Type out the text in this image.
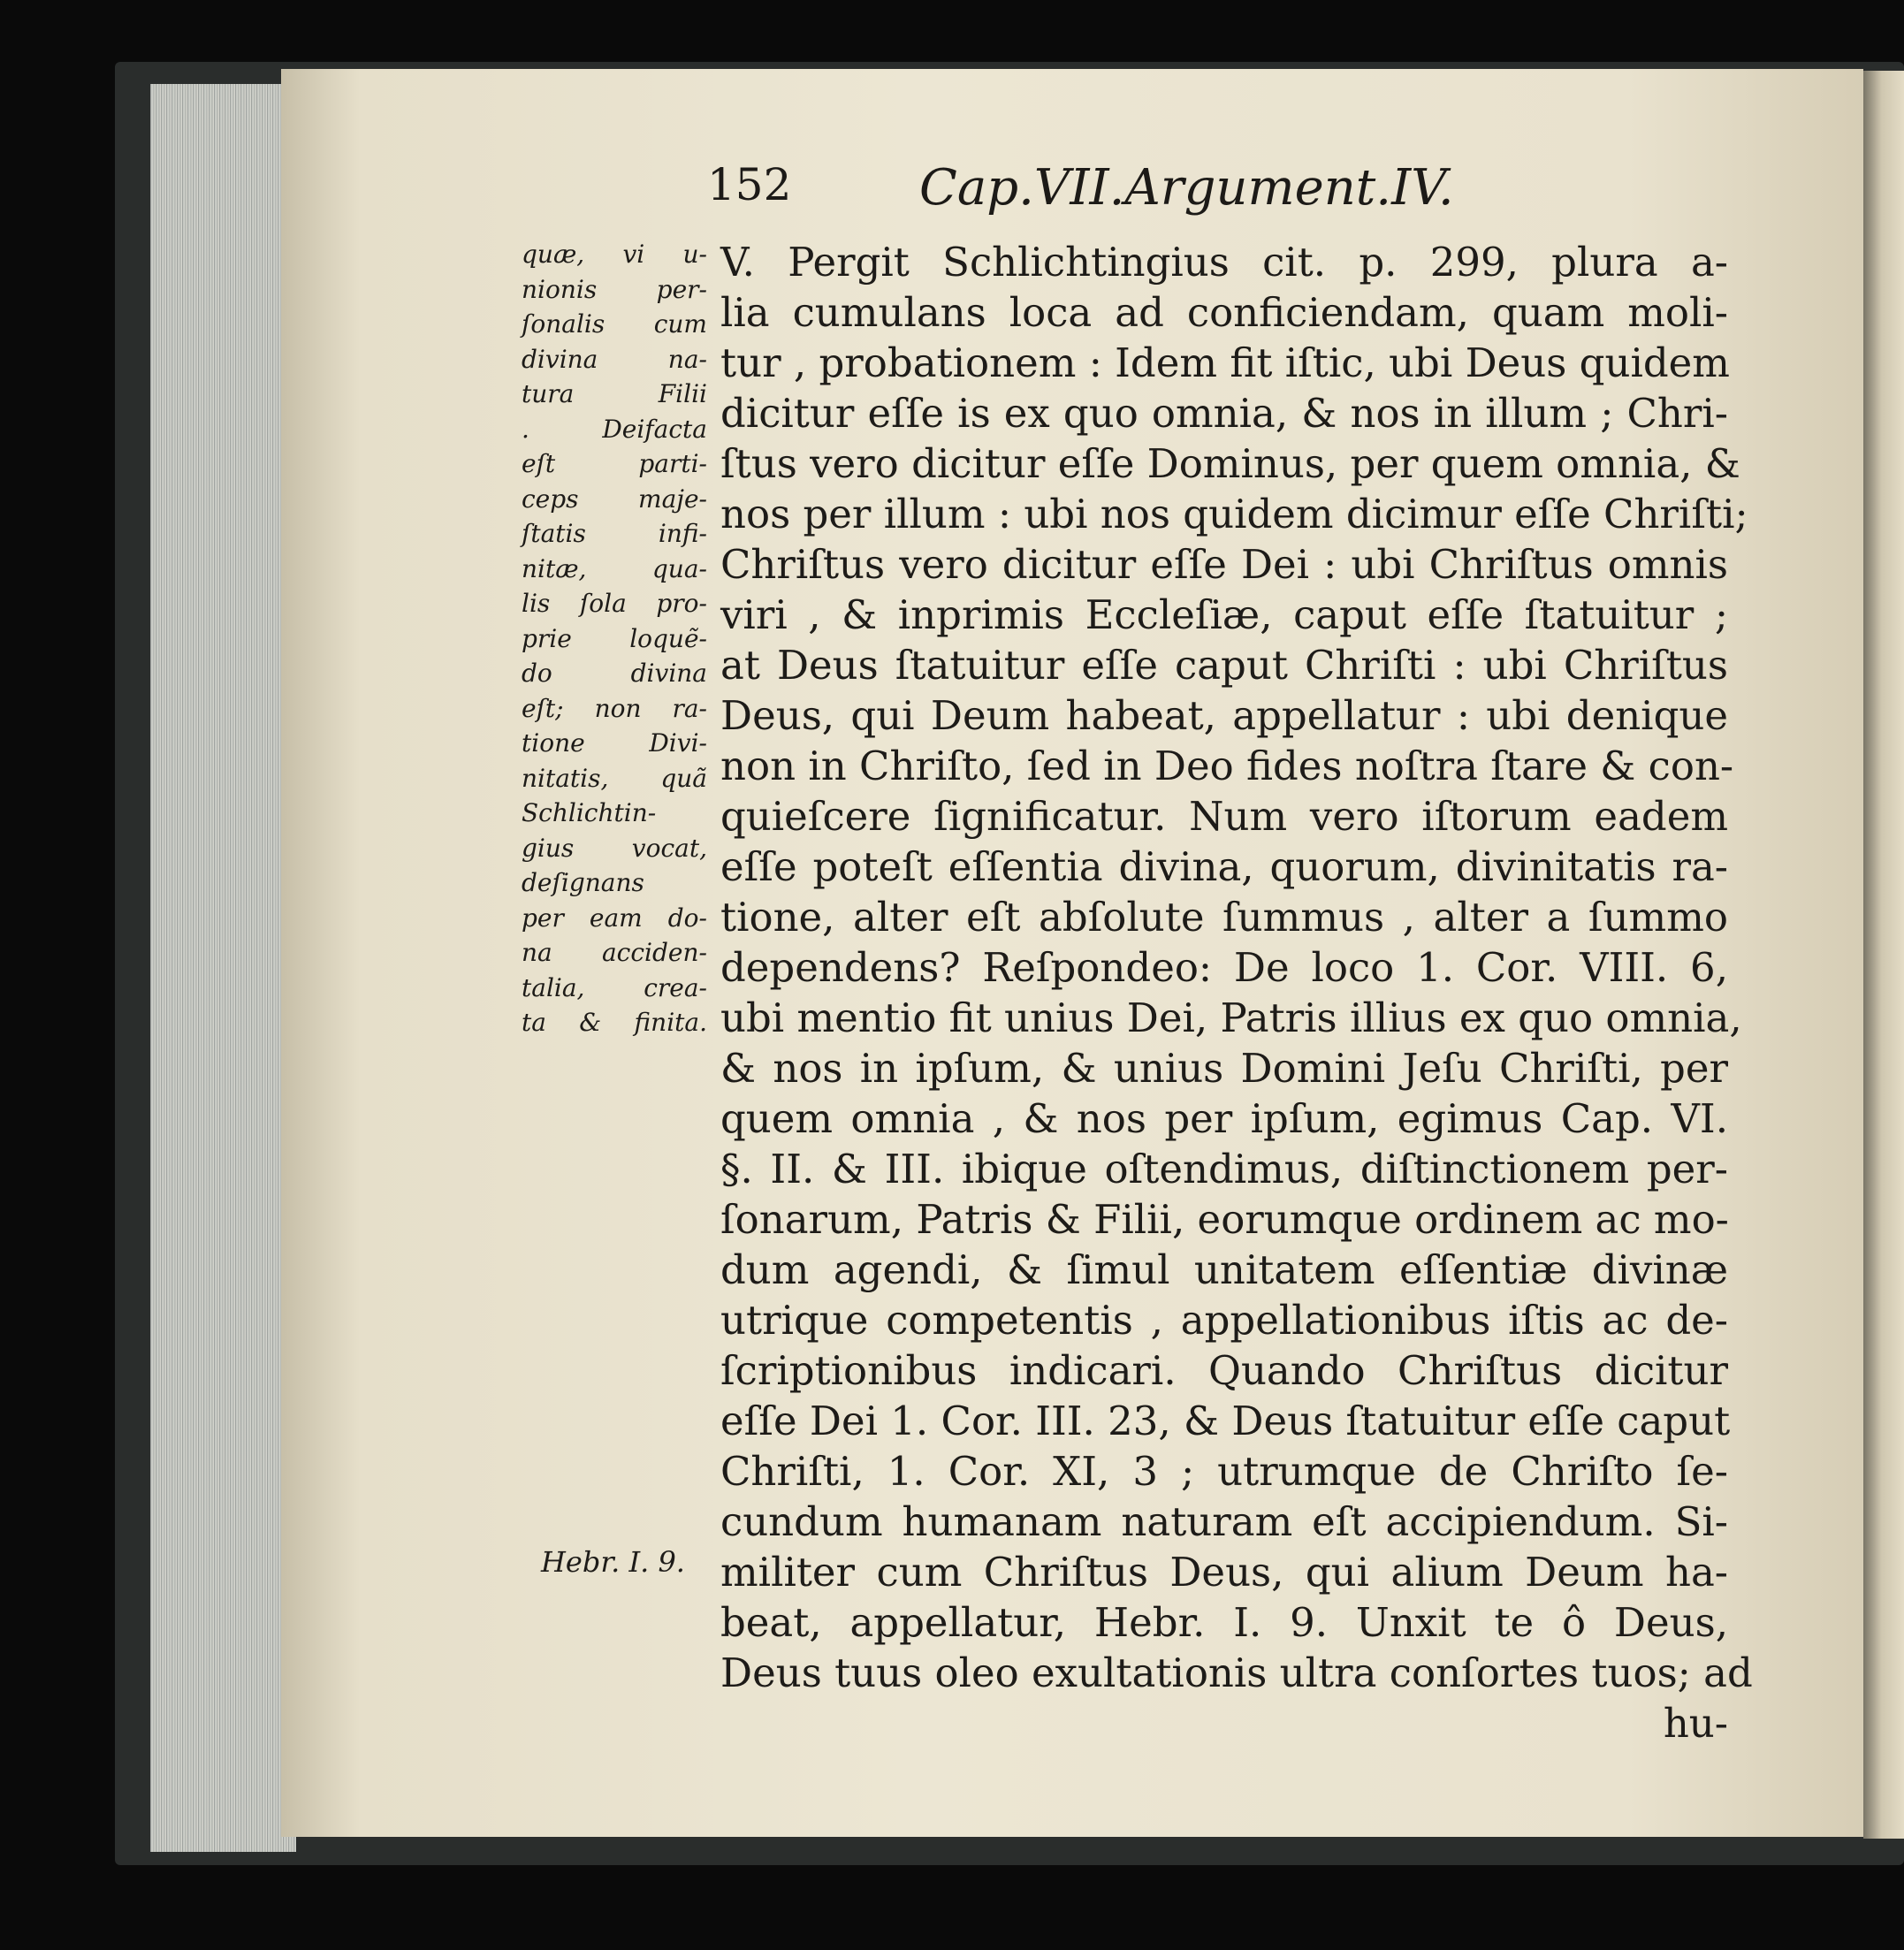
152	Cap.VII.Argument.IV.
quæ, vi u-
nionis per-
ſonalis cum
divina na-
tura Filii
. Deifacta
eſt parti-
ceps maje-
ſtatis infi-
nitæ, qua-
lis ſola pro-
prie loquẽ-
do divina
eſt; non ra-
tione Divi-
nitatis, quã
Schlichtin-
gius vocat,
deſignans
per eam do-
na acciden-
talia, crea-
ta & finita.
Hebr. I. 9.
V. Pergit Schlichtingius cit. p. 299, plura a-
lia cumulans loca ad conficiendam, quam moli-
tur , probationem : Idem fit iſtic, ubi Deus quidem
dicitur eſſe is ex quo omnia, & nos in illum ; Chri-
ſtus vero dicitur eſſe Dominus, per quem omnia, &
nos per illum : ubi nos quidem dicimur eſſe Chriſti;
Chriſtus vero dicitur eſſe Dei : ubi Chriſtus omnis
viri , & inprimis Eccleſiæ, caput eſſe ſtatuitur ;
at Deus ſtatuitur eſſe caput Chriſti : ubi Chriſtus
Deus, qui Deum habeat, appellatur : ubi denique
non in Chriſto, ſed in Deo fides noſtra ſtare & con-
quieſcere ſignificatur. Num vero iſtorum eadem
eſſe poteſt eſſentia divina, quorum, divinitatis ra-
tione, alter eſt abſolute ſummus , alter a ſummo
dependens? Reſpondeo: De loco 1. Cor. VIII. 6,
ubi mentio fit unius Dei, Patris illius ex quo omnia,
& nos in ipſum, & unius Domini Jeſu Chriſti, per
quem omnia , & nos per ipſum, egimus Cap. VI.
§. II. & III. ibique oſtendimus, diſtinctionem per-
ſonarum, Patris & Filii, eorumque ordinem ac mo-
dum agendi, & ſimul unitatem eſſentiæ divinæ
utrique competentis , appellationibus iſtis ac de-
ſcriptionibus indicari. Quando Chriſtus dicitur
eſſe Dei 1. Cor. III. 23, & Deus ſtatuitur eſſe caput
Chriſti, 1. Cor. XI, 3 ; utrumque de Chriſto ſe-
cundum humanam naturam eſt accipiendum. Si-
militer cum Chriſtus Deus, qui alium Deum ha-
beat, appellatur, Hebr. I. 9. Unxit te ô Deus,
Deus tuus oleo exultationis ultra conſortes tuos; ad
hu-
